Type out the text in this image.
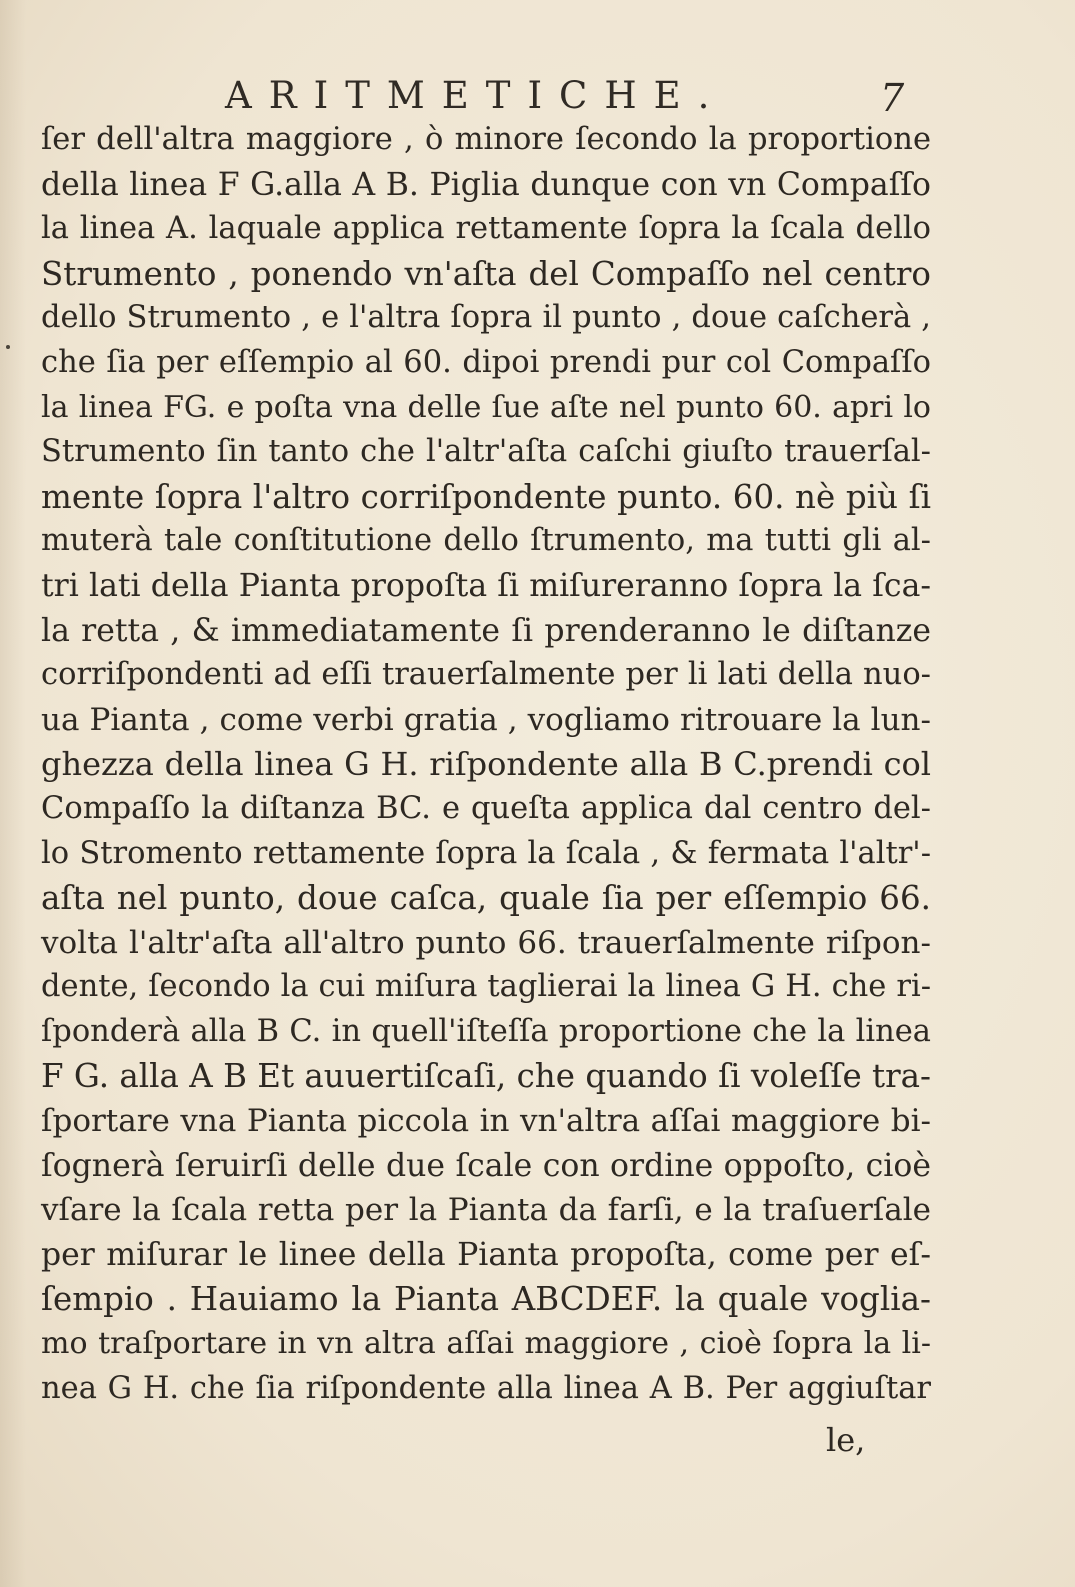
ARITMETICHE.	7
ſer dell'altra maggiore , ò minore ſecondo la proportione
della linea F G.alla A B. Piglia dunque con vn Compaſſo
la linea A. laquale applica rettamente ſopra la ſcala dello
Strumento , ponendo vn'aſta del Compaſſo nel centro
dello Strumento , e l'altra ſopra il punto , doue caſcherà ,
che ſia per eſſempio al 60. dipoi prendi pur col Compaſſo
la linea FG. e poſta vna delle ſue aſte nel punto 60. apri lo
Strumento ſin tanto che l'altr'aſta caſchi giuſto trauerſal-
mente ſopra l'altro corriſpondente punto. 60. nè più ſi
muterà tale conſtitutione dello ſtrumento, ma tutti gli al-
tri lati della Pianta propoſta ſi miſureranno ſopra la ſca-
la retta , & immediatamente ſi prenderanno le diſtanze
corriſpondenti ad eſſi trauerſalmente per li lati della nuo-
ua Pianta , come verbi gratia , vogliamo ritrouare la lun-
ghezza della linea G H. riſpondente alla B C.prendi col
Compaſſo la diſtanza BC. e queſta applica dal centro del-
lo Stromento rettamente ſopra la ſcala , & fermata l'altr'-
aſta nel punto, doue caſca, quale ſia per eſſempio 66.
volta l'altr'aſta all'altro punto 66. trauerſalmente riſpon-
dente, ſecondo la cui miſura taglierai la linea G H. che ri-
ſponderà alla B C. in quell'iſteſſa proportione che la linea
F G. alla A B Et auuertiſcaſi, che quando ſi voleſſe tra-
ſportare vna Pianta piccola in vn'altra aſſai maggiore bi-
ſognerà ſeruirſi delle due ſcale con ordine oppoſto, cioè
vſare la ſcala retta per la Pianta da farſi, e la traſuerſale
per miſurar le linee della Pianta propoſta, come per eſ-
ſempio . Hauiamo la Pianta ABCDEF. la quale voglia-
mo traſportare in vn altra aſſai maggiore , cioè ſopra la li-
nea G H. che ſia riſpondente alla linea A B. Per aggiuſtar
le,
